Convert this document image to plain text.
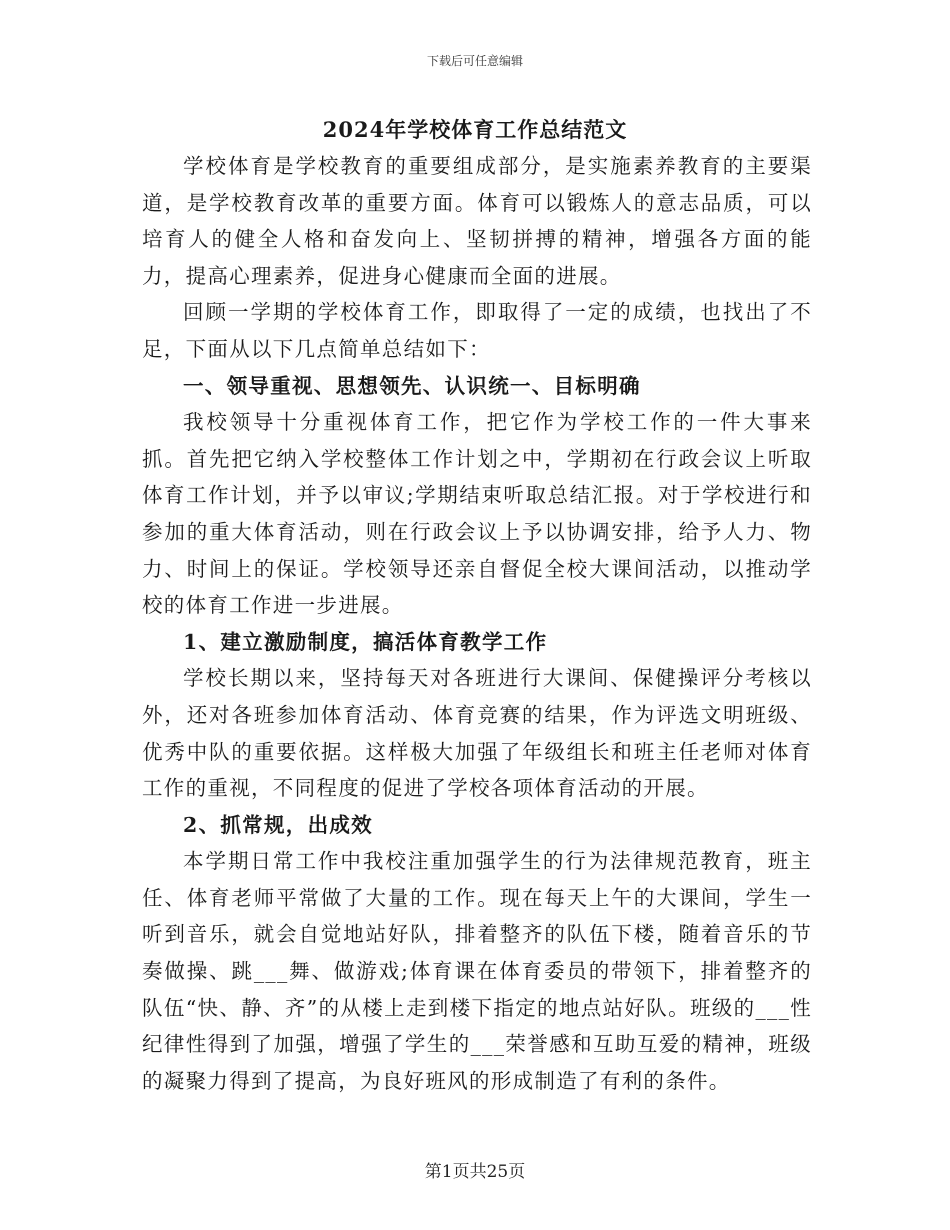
下载后可任意编辑
2024年学校体育工作总结范文

学校体育是学校教育的重要组成部分，是实施素养教育的主要渠道，是学校教育改革的重要方面。体育可以锻炼人的意志品质，可以培育人的健全人格和奋发向上、坚韧拼搏的精神，增强各方面的能力，提高心理素养，促进身心健康而全面的进展。

回顾一学期的学校体育工作，即取得了一定的成绩，也找出了不足，下面从以下几点简单总结如下：

一、领导重视、思想领先、认识统一、目标明确

我校领导十分重视体育工作，把它作为学校工作的一件大事来抓。首先把它纳入学校整体工作计划之中，学期初在行政会议上听取体育工作计划，并予以审议;学期结束听取总结汇报。对于学校进行和参加的重大体育活动，则在行政会议上予以协调安排，给予人力、物力、时间上的保证。学校领导还亲自督促全校大课间活动，以推动学校的体育工作进一步进展。

1、建立激励制度，搞活体育教学工作

学校长期以来，坚持每天对各班进行大课间、保健操评分考核以外，还对各班参加体育活动、体育竞赛的结果，作为评选文明班级、优秀中队的重要依据。这样极大加强了年级组长和班主任老师对体育工作的重视，不同程度的促进了学校各项体育活动的开展。

2、抓常规，出成效

本学期日常工作中我校注重加强学生的行为法律规范教育，班主任、体育老师平常做了大量的工作。现在每天上午的大课间，学生一听到音乐，就会自觉地站好队，排着整齐的队伍下楼，随着音乐的节奏做操、跳___舞、做游戏;体育课在体育委员的带领下，排着整齐的队伍“快、静、齐”的从楼上走到楼下指定的地点站好队。班级的___性纪律性得到了加强，增强了学生的___荣誉感和互助互爱的精神，班级的凝聚力得到了提高，为良好班风的形成制造了有利的条件。

第1页共25页
